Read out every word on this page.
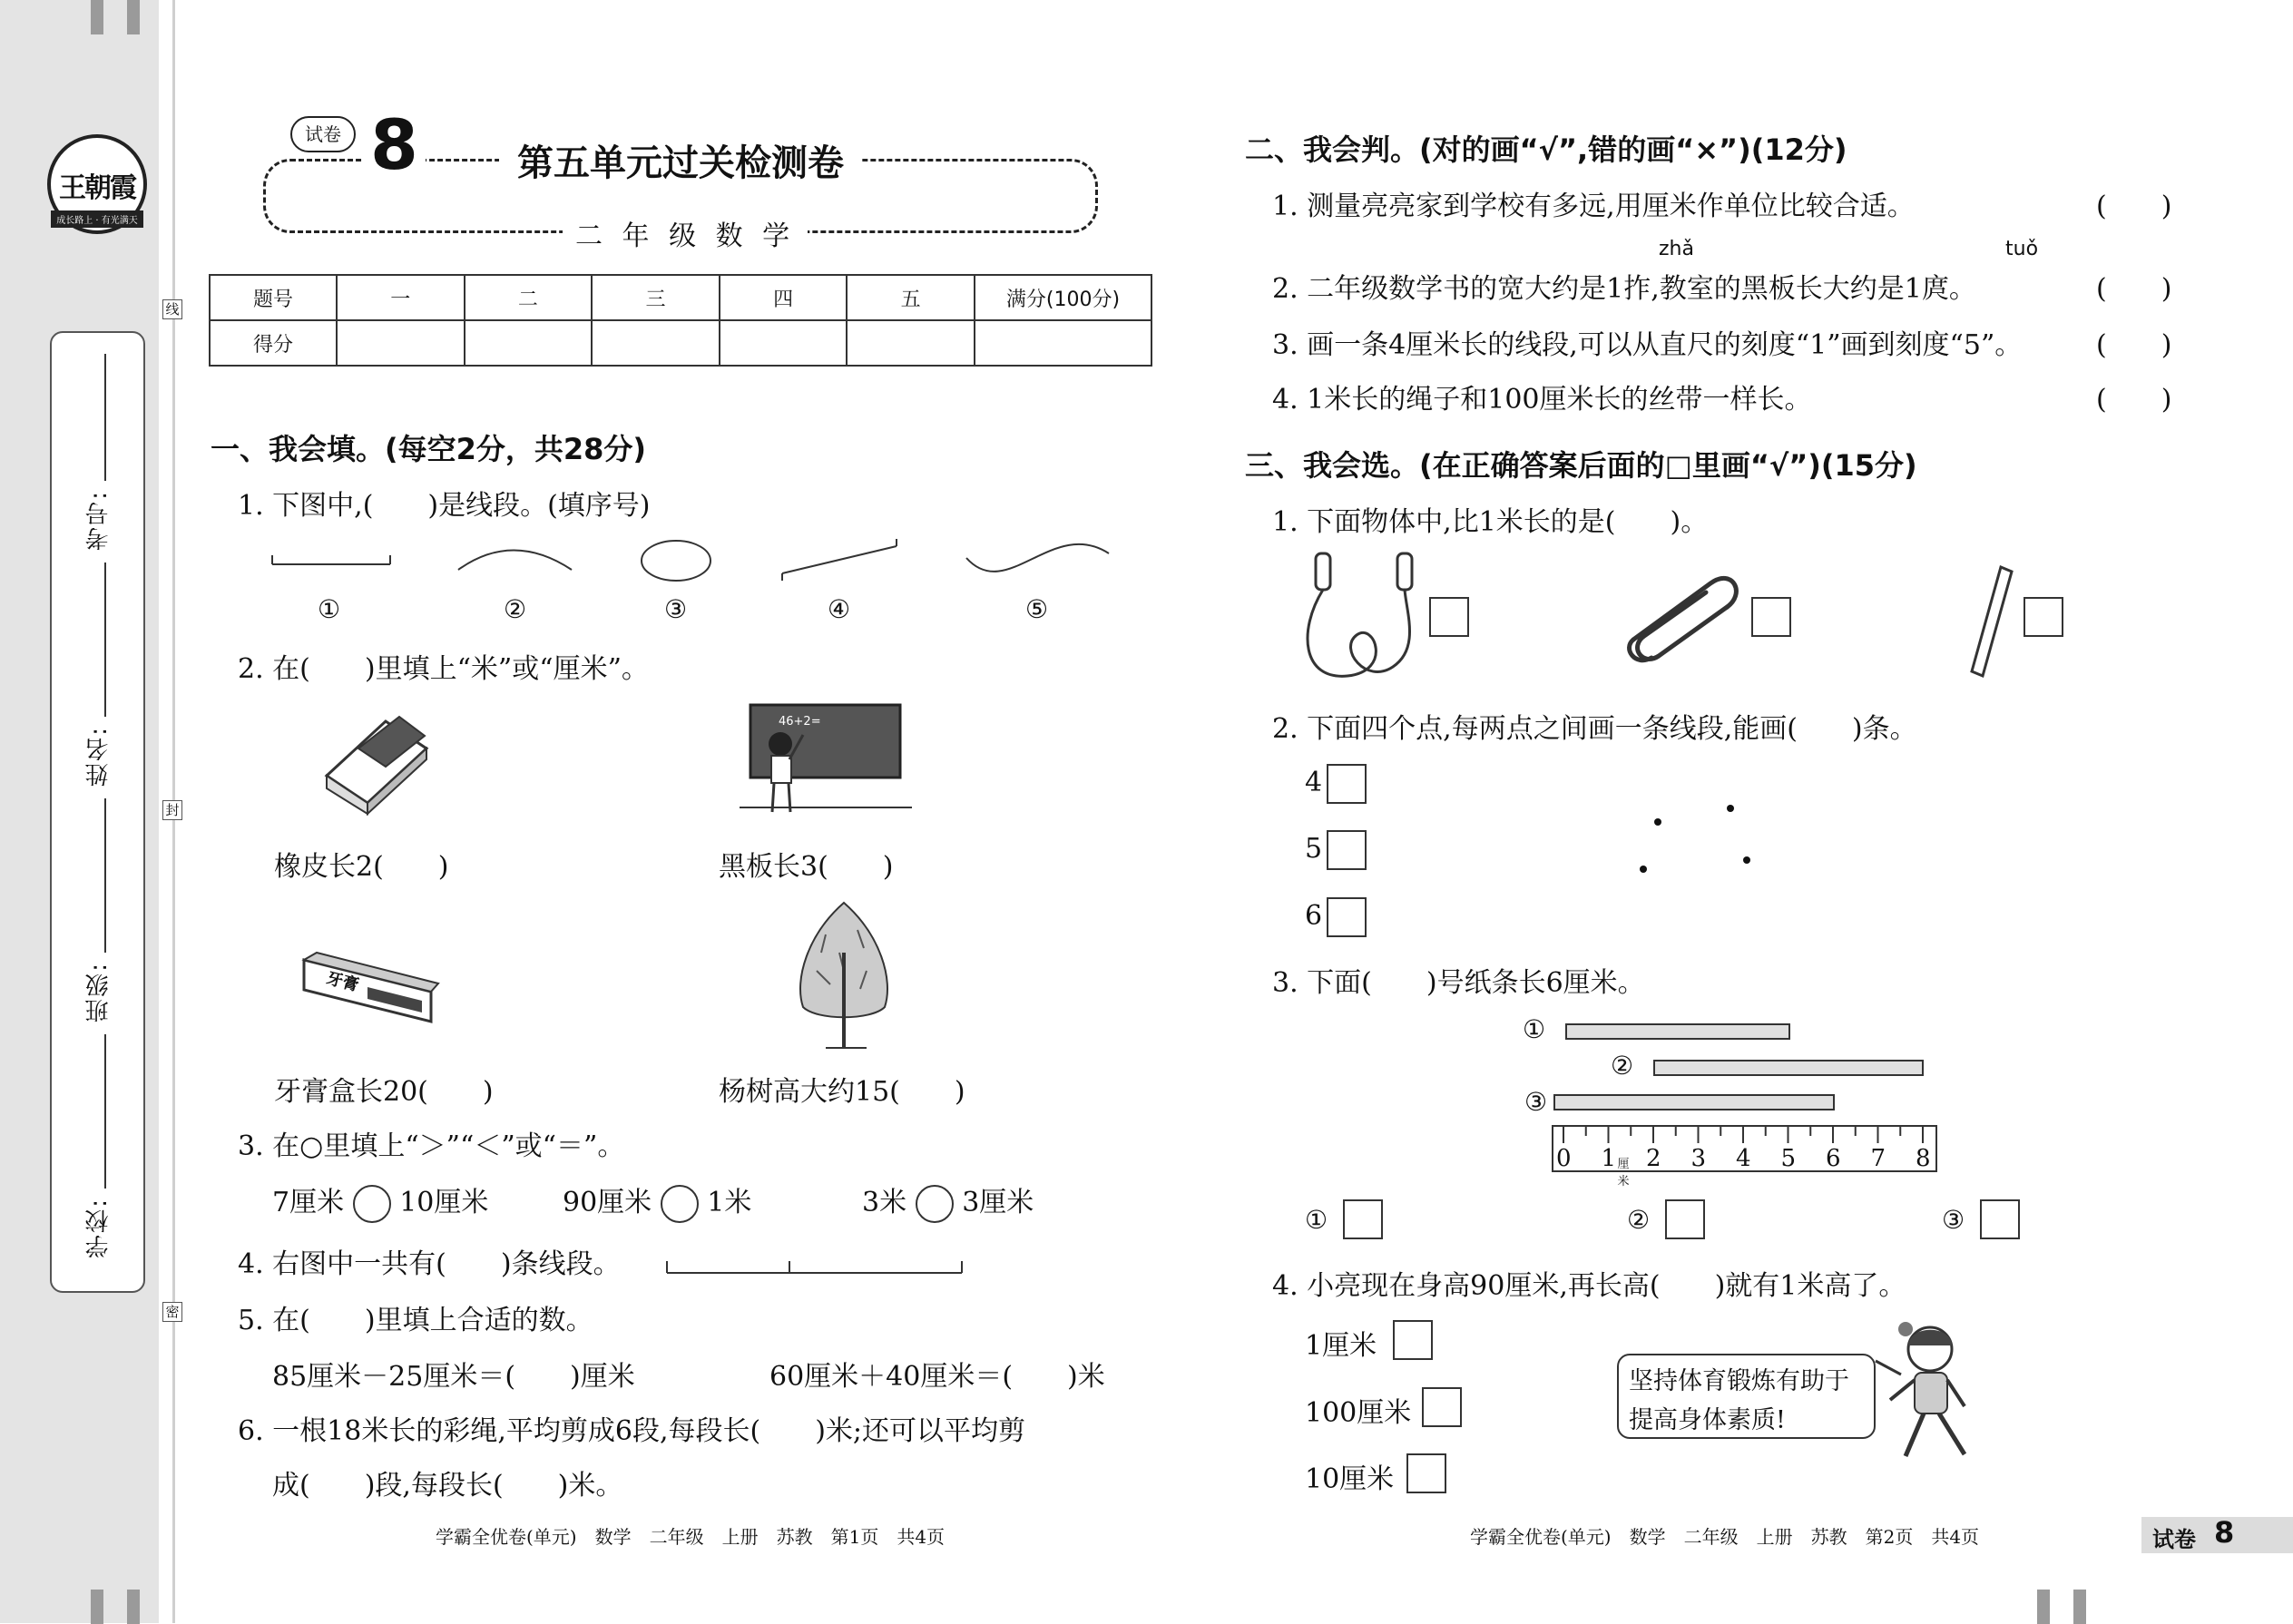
王朝霞
成长路上 · 有光满天
考号:
姓名:
班级:
学校:
线
封
密
试卷 8	第五单元过关检测卷
二 年 级 数 学
题号	一	二	三	四	五	满分(100分)
得分						
一、我会填。(每空2分，共28分)
1. 下图中,(　　)是线段。(填序号)
①	②	③	④	⑤
2. 在(　　)里填上“米”或“厘米”。
橡皮长2(　　)
46+2=
黑板长3(　　)
牙膏
牙膏盒长20(　　)	杨树高大约15(　　)
3. 在○里填上“＞”“＜”或“＝”。
7厘米 10厘米	90厘米 1米	3米 3厘米
4. 右图中一共有(　　)条线段。
5. 在(　　)里填上合适的数。
85厘米－25厘米＝(　　)厘米	60厘米＋40厘米＝(　　)米
6. 一根18米长的彩绳,平均剪成6段,每段长(　　)米;还可以平均剪
成(　　)段,每段长(　　)米。
学霸全优卷(单元)　数学　二年级　上册　苏教　第1页　共4页
二、我会判。(对的画“√”,错的画“×”)(12分)
zhǎ	tuǒ
1. 测量亮亮家到学校有多远,用厘米作单位比较合适。	(　　)
2. 二年级数学书的宽大约是1拃,教室的黑板长大约是1庹。	(　　)
3. 画一条4厘米长的线段,可以从直尺的刻度“1”画到刻度“5”。	(　　)
4. 1米长的绳子和100厘米长的丝带一样长。	(　　)
三、我会选。(在正确答案后面的□里画“√”)(15分)
1. 下面物体中,比1米长的是(　　)。
2. 下面四个点,每两点之间画一条线段,能画(　　)条。
4
5
6
3. 下面(　　)号纸条长6厘米。
①
②
③
0 1 2 3 4 5 6 7 8
厘米
①	②	③
4. 小亮现在身高90厘米,再长高(　　)就有1米高了。
1厘米
100厘米
10厘米
坚持体育锻炼有助于
提高身体素质!
学霸全优卷(单元)　数学　二年级　上册　苏教　第2页　共4页	试卷 8
